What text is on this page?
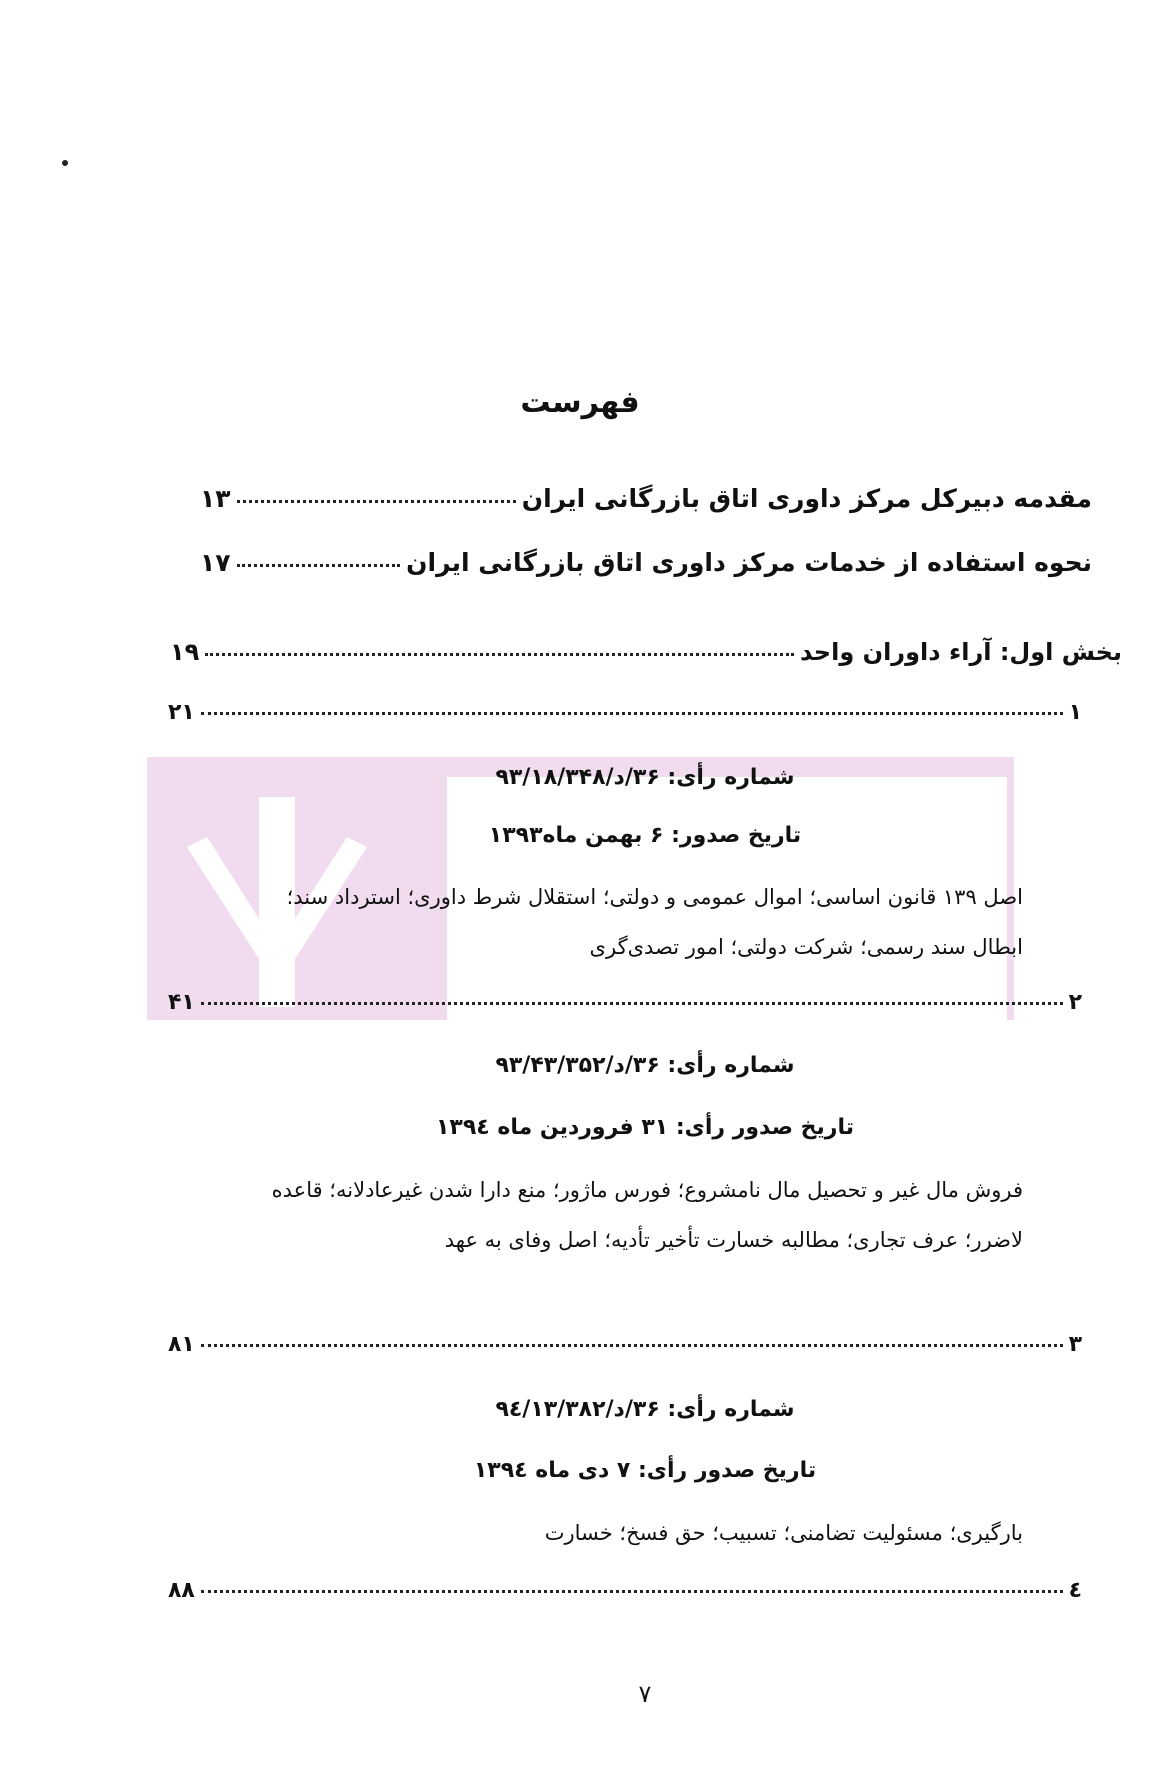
فهرست
مقدمه دبیرکل مرکز داوری اتاق بازرگانی ایران
۱۳
نحوه استفاده از خدمات مرکز داوری اتاق بازرگانی ایران
۱۷
بخش اول: آراء داوران واحد
۱۹
۱
۲۱
شماره رأی: ۳۶/د/۹۳/۱۸/۳۴۸
تاریخ صدور: ۶ بهمن ماه۱۳۹۳
اصل ۱۳۹ قانون اساسی؛ اموال عمومی و دولتی؛ استقلال شرط داوری؛ استرداد سند؛ ابطال سند رسمی؛ شرکت دولتی؛ امور تصدی‌گری
۲
۴۱
شماره رأی: ۳۶/د/۹۳/۴۳/۳۵۲
تاریخ صدور رأی: ۳۱ فروردین ماه ۱۳۹٤
فروش مال غیر و تحصیل مال نامشروع؛ فورس ماژور؛ منع دارا شدن غیرعادلانه؛ قاعده لاضرر؛ عرف تجاری؛ مطالبه خسارت تأخیر تأدیه؛ اصل وفای به عهد
۳
۸۱
شماره رأی: ۳۶/د/۹٤/۱۳/۳۸۲
تاریخ صدور رأی: ۷ دی ماه ۱۳۹٤
بارگیری؛ مسئولیت تضامنی؛ تسبیب؛ حق فسخ؛ خسارت
٤
۸۸
۷
